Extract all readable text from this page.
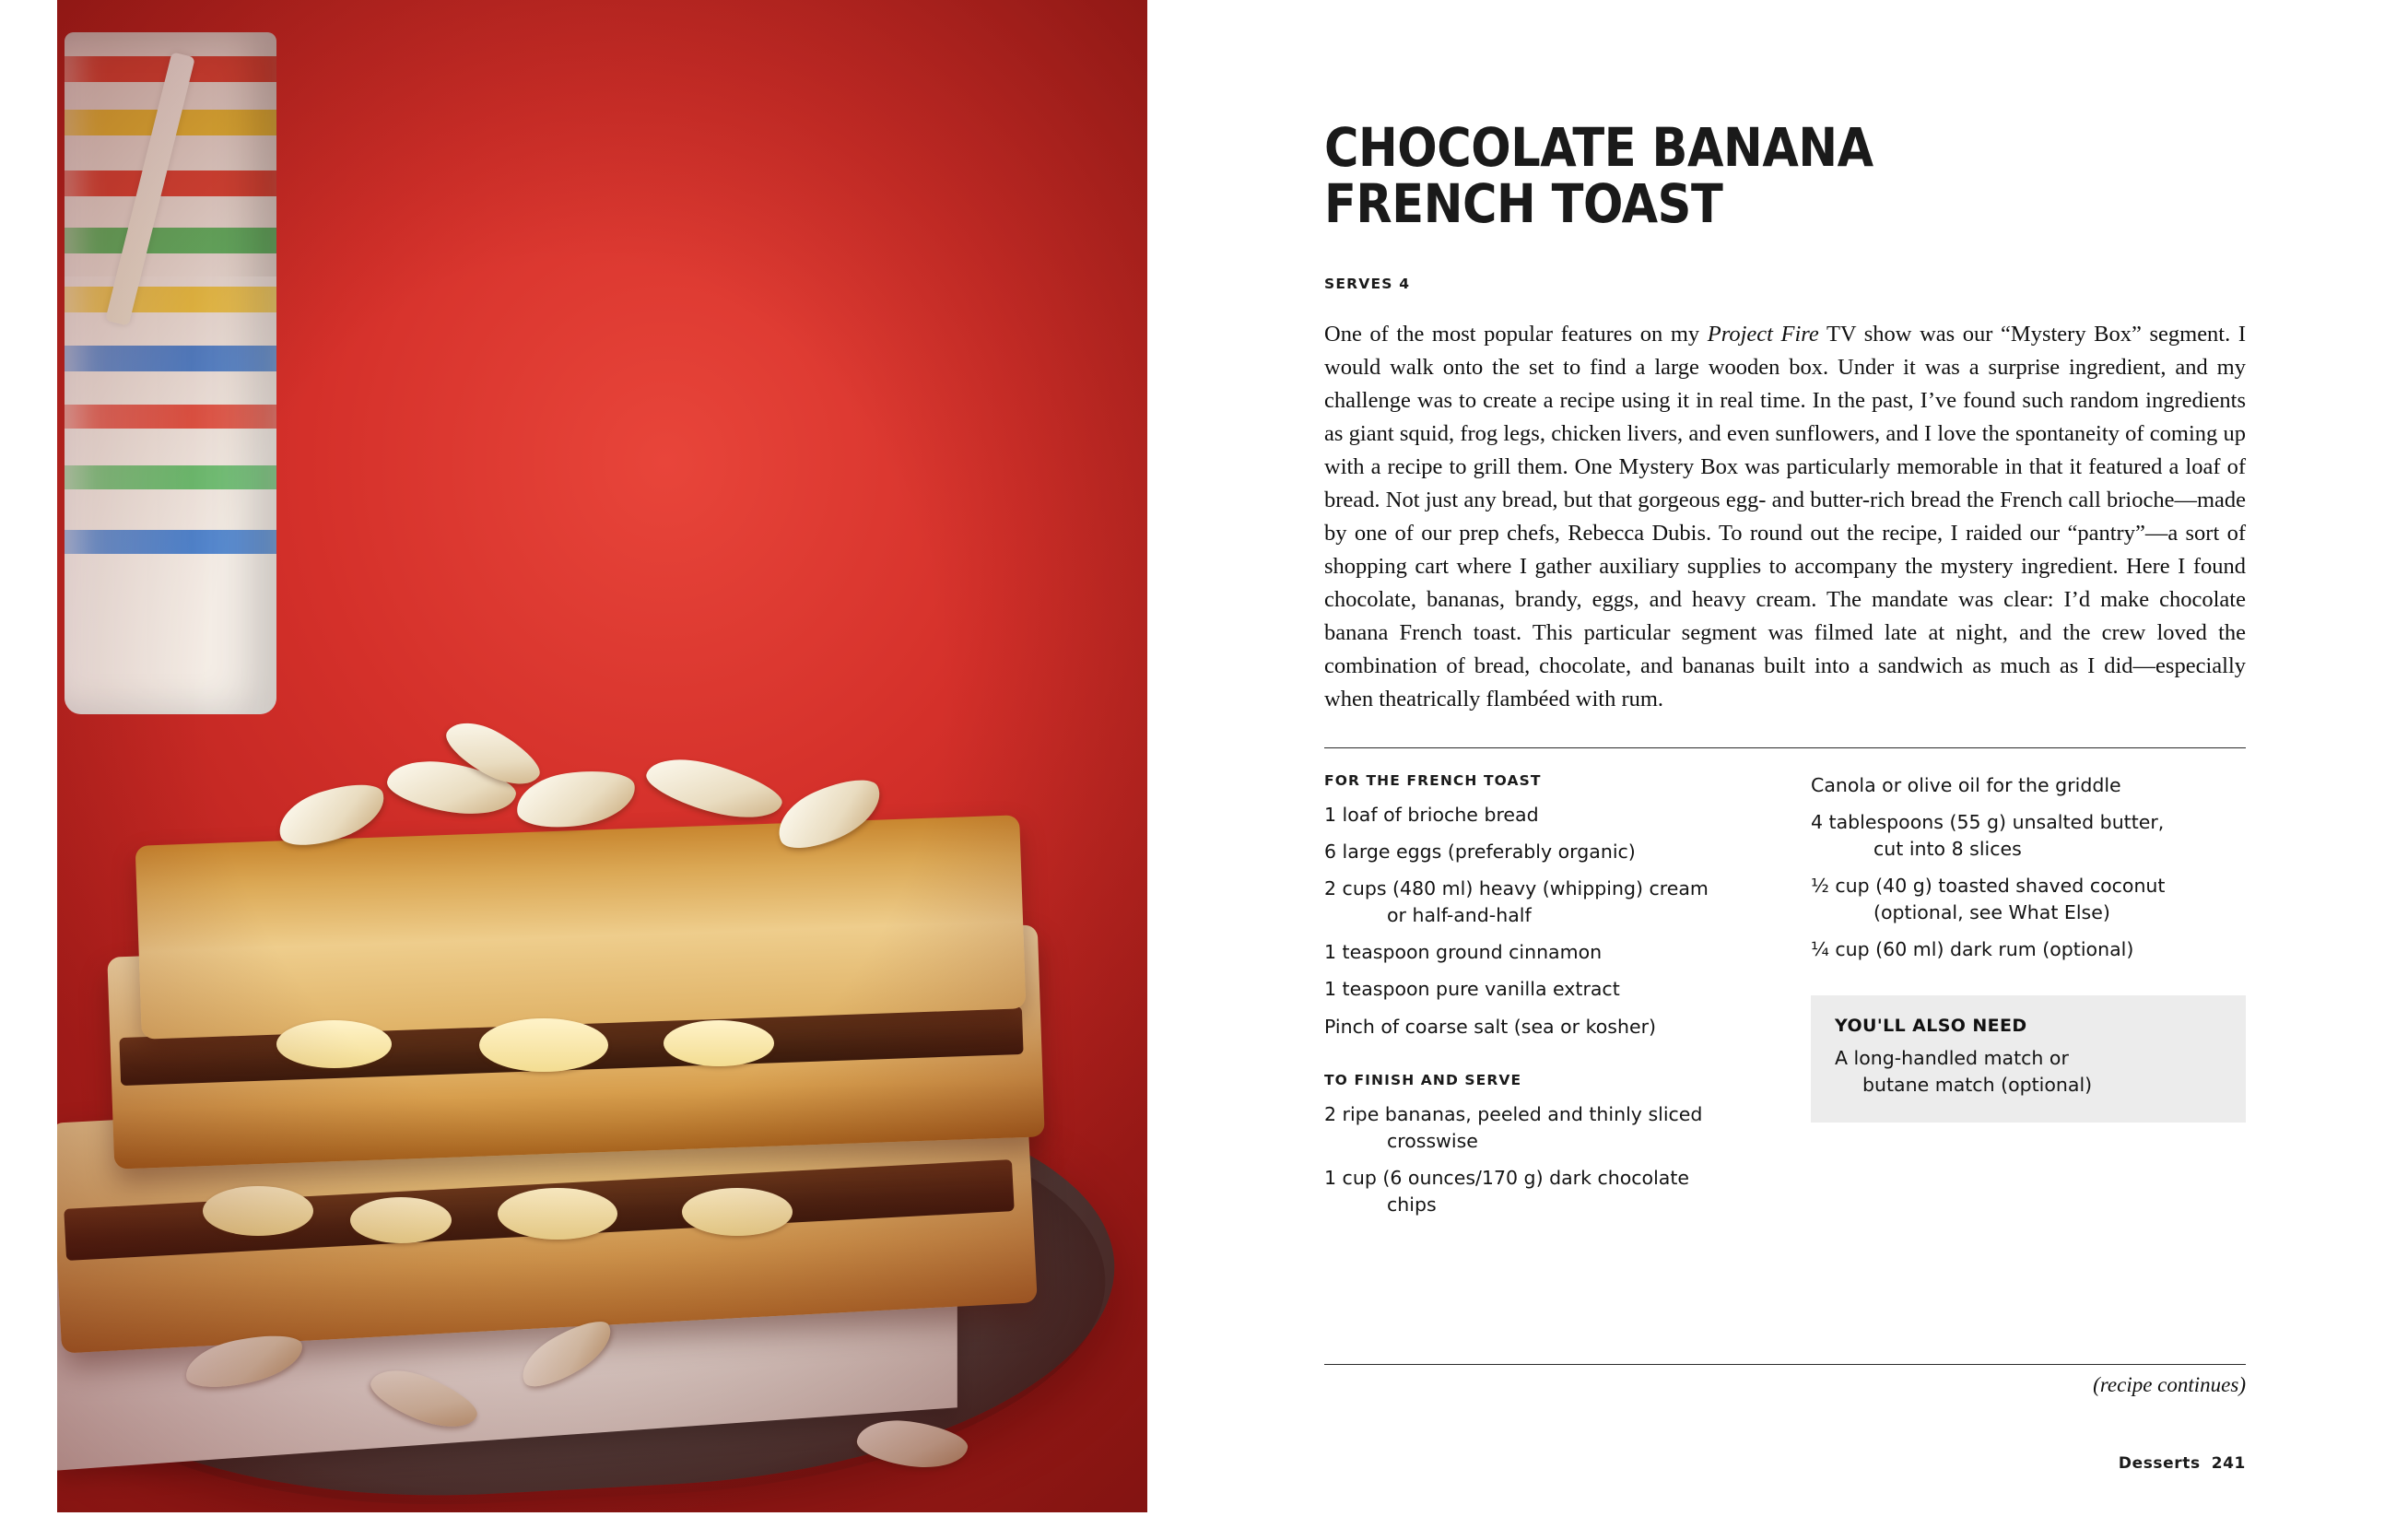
CHOCOLATE BANANA
FRENCH TOAST
SERVES 4
One of the most popular features on my Project Fire TV show was our “Mystery Box” segment. I would walk onto the set to find a large wooden box. Under it was a surprise ingredient, and my challenge was to create a recipe using it in real time. In the past, I’ve found such random ingredients as giant squid, frog legs, chicken livers, and even sunflowers, and I love the spontaneity of coming up with a recipe to grill them. One Mystery Box was particularly memorable in that it featured a loaf of bread. Not just any bread, but that gorgeous egg- and butter-rich bread the French call brioche—made by one of our prep chefs, Rebecca Dubis. To round out the recipe, I raided our “pantry”—a sort of shopping cart where I gather auxiliary supplies to accompany the mystery ingredient. Here I found chocolate, bananas, brandy, eggs, and heavy cream. The mandate was clear: I’d make chocolate banana French toast. This particular segment was filmed late at night, and the crew loved the combination of bread, chocolate, and bananas built into a sandwich as much as I did—especially when theatrically flambéed with rum.
FOR THE FRENCH TOAST
1 loaf of brioche bread
6 large eggs (preferably organic)
2 cups (480 ml) heavy (whipping) cream
or half-and-half
1 teaspoon ground cinnamon
1 teaspoon pure vanilla extract
Pinch of coarse salt (sea or kosher)
TO FINISH AND SERVE
2 ripe bananas, peeled and thinly sliced
crosswise
1 cup (6 ounces/170 g) dark chocolate
chips
Canola or olive oil for the griddle
4 tablespoons (55 g) unsalted butter,
cut into 8 slices
½ cup (40 g) toasted shaved coconut
(optional, see What Else)
¼ cup (60 ml) dark rum (optional)
YOU'LL ALSO NEED
A long-handled match or
butane match (optional)
(recipe continues)
Desserts 241
